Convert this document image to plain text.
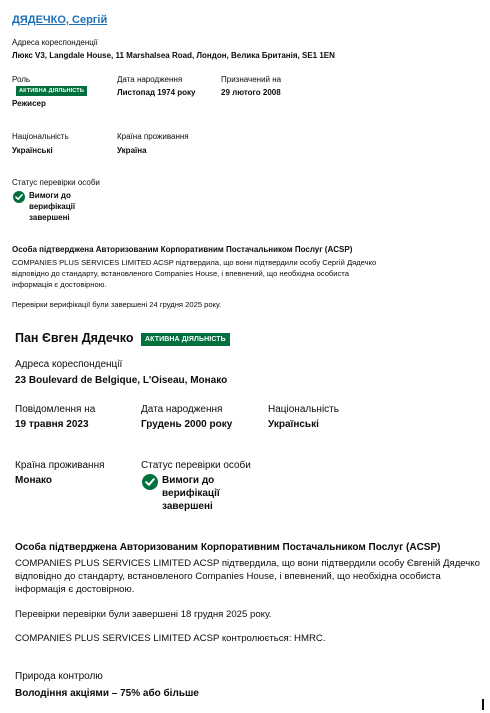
ДЯДЕЧКО, Сергій
Адреса кореспонденції
Люкс V3, Langdale House, 11 Marshalsea Road, Лондон, Велика Британія, SE1 1EN
Роль
АКТИВНА ДІЯЛЬНІСТЬ
Режисер
Дата народження
Листопад 1974 року
Призначений на
29 лютого 2008
Національність
Українські
Країна проживання
Україна
Статус перевірки особи
Вимоги до
верифікації
завершені
Особа підтверджена Авторизованим Корпоративним Постачальником Послуг (ACSP)
COMPANIES PLUS SERVICES LIMITED ACSP підтвердила, що вони підтвердили особу Сергій Дядечко
відповідно до стандарту, встановленого Companies House, і впевнений, що необхідна особиста
інформація є достовірною.
Перевірки верифікації були завершені 24 грудня 2025 року.
Пан Євген Дядечко	АКТИВНА ДІЯЛЬНІСТЬ
Адреса кореспонденції
23 Boulevard de Belgique, L'Oiseau, Монако
Повідомлення на
19 травня 2023
Дата народження
Грудень 2000 року
Національність
Українські
Країна проживання
Монако
Статус перевірки особи
Вимоги до
верифікації
завершені
Особа підтверджена Авторизованим Корпоративним Постачальником Послуг (ACSP)
COMPANIES PLUS SERVICES LIMITED ACSP підтвердила, що вони підтвердили особу Євгеній Дядечко
відповідно до стандарту, встановленого Companies House, і впевнений, що необхідна особиста
інформація є достовірною.
Перевірки перевірки були завершені 18 грудня 2025 року.
COMPANIES PLUS SERVICES LIMITED ACSP контролюється: HMRC.
Природа контролю
Володіння акціями – 75% або більше
